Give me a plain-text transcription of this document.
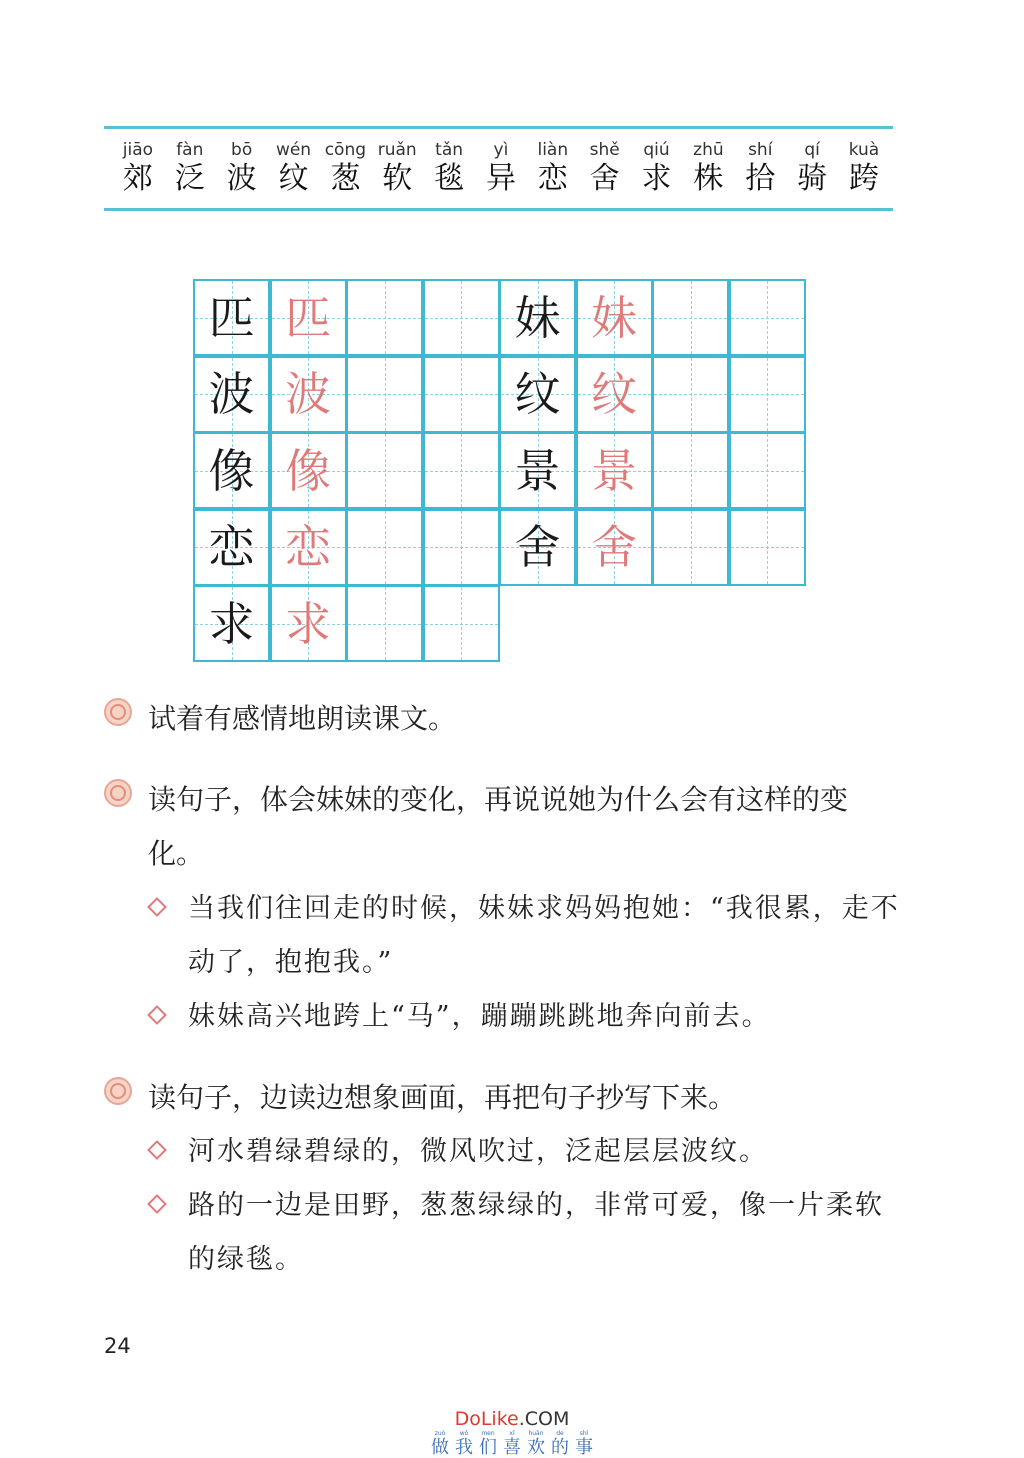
jiāo
郊
fàn
泛
bō
波
wén
纹
cōng
葱
ruǎn
软
tǎn
毯
yì
异
liàn
恋
shě
舍
qiú
求
zhū
株
shí
拾
qí
骑
kuà
跨
匹 匹
波 波
像 像
恋 恋
求 求
妹 妹
纹 纹
景 景
舍 舍
试着有感情地朗读课文。
读句子，体会妹妹的变化，再说说她为什么会有这样的变化。
当我们往回走的时候，妹妹求妈妈抱她：“我很累，走不动了，抱抱我。”
妹妹高兴地跨上“马”，蹦蹦跳跳地奔向前去。
读句子，边读边想象画面，再把句子抄写下来。
河水碧绿碧绿的，微风吹过，泛起层层波纹。
路的一边是田野，葱葱绿绿的，非常可爱，像一片柔软的绿毯。
24
DoLike.COM
zuò
做
wǒ
我
men
们
xǐ
喜
huān
欢
de
的
shì
事
